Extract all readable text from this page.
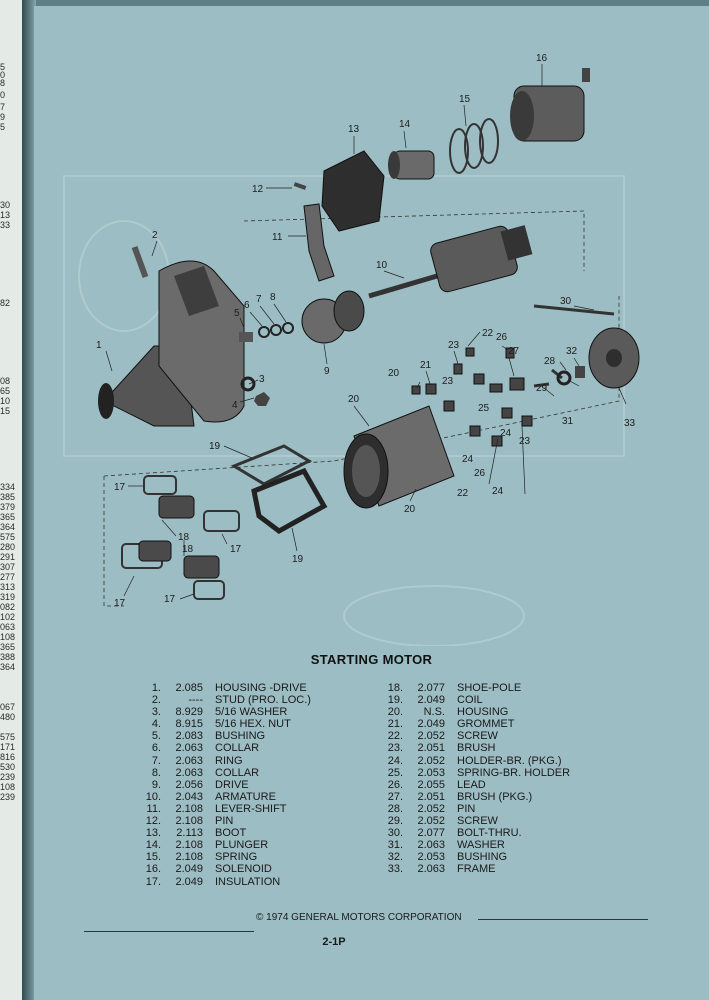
5
0
8
0
7
9
5
30
13
33
82
08
65
10
15
334
385
379
365
364
575
280
291
307
277
313
319
082
102
063
108
365
388
364
067
480
575
171
816
530
239
108
239
1
2
3
4
5
6
7 8
9
10
11
12
13	14
15
16
17
17
17	17
18
18
19
19
20
20
20
21
22
22
23
23
23
24
24
24
25
26
26
27
28
29
30
31
32
33
STARTING MOTOR
1. 2.085 HOUSING -DRIVE
2. ---- STUD (PRO. LOC.)
3. 8.929 5/16 WASHER
4. 8.915 5/16 HEX. NUT
5. 2.083 BUSHING
6. 2.063 COLLAR
7. 2.063 RING
8. 2.063 COLLAR
9. 2.056 DRIVE
10. 2.043 ARMATURE
11. 2.108 LEVER-SHIFT
12. 2.108 PIN
13. 2.113 BOOT
14. 2.108 PLUNGER
15. 2.108 SPRING
16. 2.049 SOLENOID
17. 2.049 INSULATION
18. 2.077 SHOE-POLE
19. 2.049 COIL
20. N.S. HOUSING
21. 2.049 GROMMET
22. 2.052 SCREW
23. 2.051 BRUSH
24. 2.052 HOLDER-BR. (PKG.)
25. 2.053 SPRING-BR. HOLDER
26. 2.055 LEAD
27. 2.051 BRUSH (PKG.)
28. 2.052 PIN
29. 2.052 SCREW
30. 2.077 BOLT-THRU.
31. 2.063 WASHER
32. 2.053 BUSHING
33. 2.063 FRAME
© 1974 GENERAL MOTORS CORPORATION
2-1P
